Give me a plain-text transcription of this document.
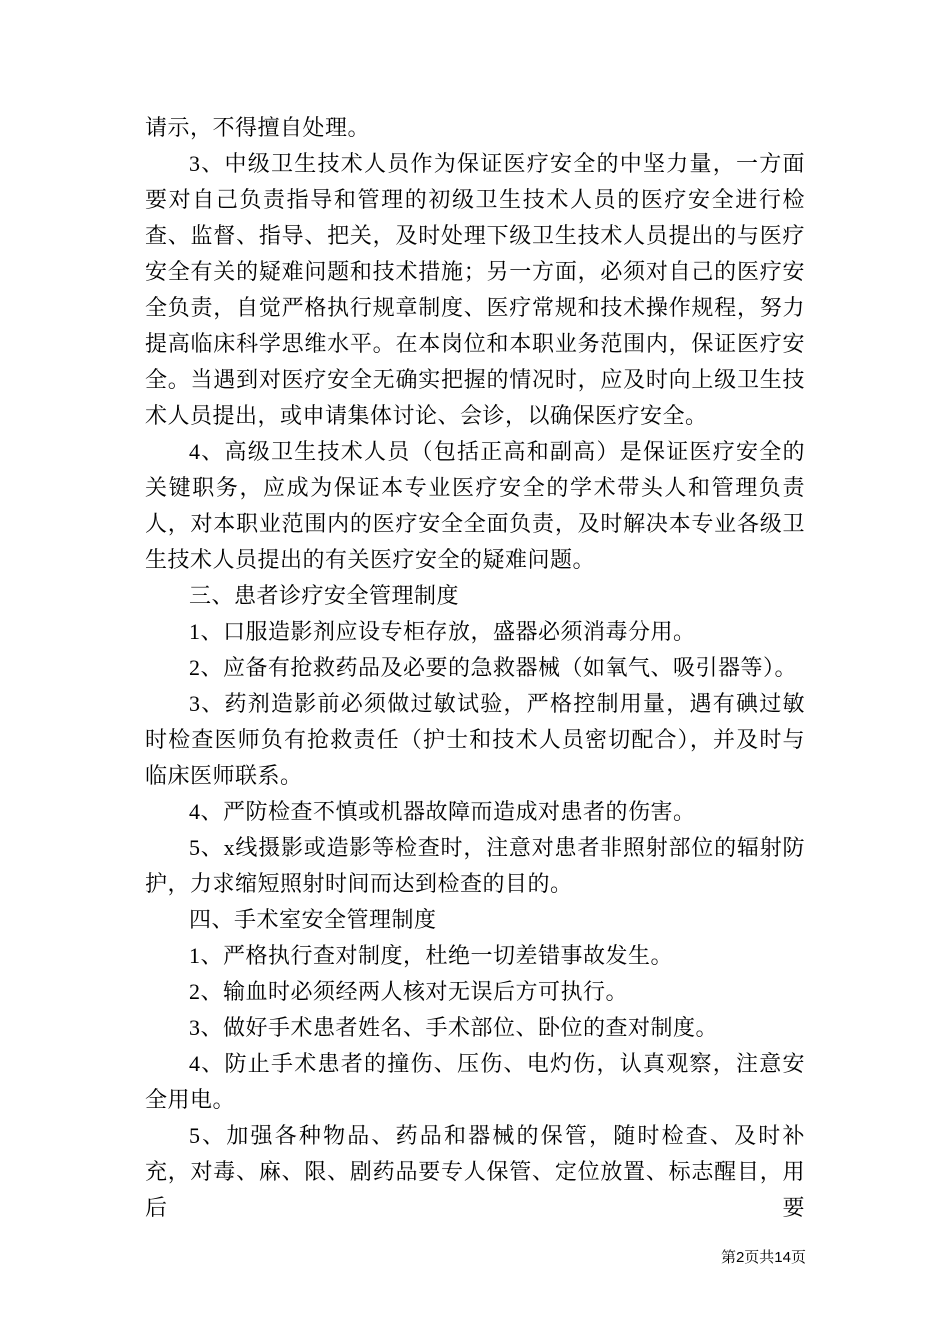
请示，不得擅自处理。

3、中级卫生技术人员作为保证医疗安全的中坚力量，一方面要对自己负责指导和管理的初级卫生技术人员的医疗安全进行检查、监督、指导、把关，及时处理下级卫生技术人员提出的与医疗安全有关的疑难问题和技术措施；另一方面，必须对自己的医疗安全负责，自觉严格执行规章制度、医疗常规和技术操作规程，努力提高临床科学思维水平。在本岗位和本职业务范围内，保证医疗安全。当遇到对医疗安全无确实把握的情况时，应及时向上级卫生技术人员提出，或申请集体讨论、会诊，以确保医疗安全。

4、高级卫生技术人员（包括正高和副高）是保证医疗安全的关键职务，应成为保证本专业医疗安全的学术带头人和管理负责人，对本职业范围内的医疗安全全面负责，及时解决本专业各级卫生技术人员提出的有关医疗安全的疑难问题。

三、患者诊疗安全管理制度

1、口服造影剂应设专柜存放，盛器必须消毒分用。

2、应备有抢救药品及必要的急救器械（如氧气、吸引器等）。

3、药剂造影前必须做过敏试验，严格控制用量，遇有碘过敏时检查医师负有抢救责任（护士和技术人员密切配合），并及时与临床医师联系。

4、严防检查不慎或机器故障而造成对患者的伤害。

5、x线摄影或造影等检查时，注意对患者非照射部位的辐射防护，力求缩短照射时间而达到检查的目的。

四、手术室安全管理制度

1、严格执行查对制度，杜绝一切差错事故发生。

2、输血时必须经两人核对无误后方可执行。

3、做好手术患者姓名、手术部位、卧位的查对制度。

4、防止手术患者的撞伤、压伤、电灼伤，认真观察，注意安全用电。

5、加强各种物品、药品和器械的保管，随时检查、及时补充，对毒、麻、限、剧药品要专人保管、定位放置、标志醒目，用后要

第2页共14页
